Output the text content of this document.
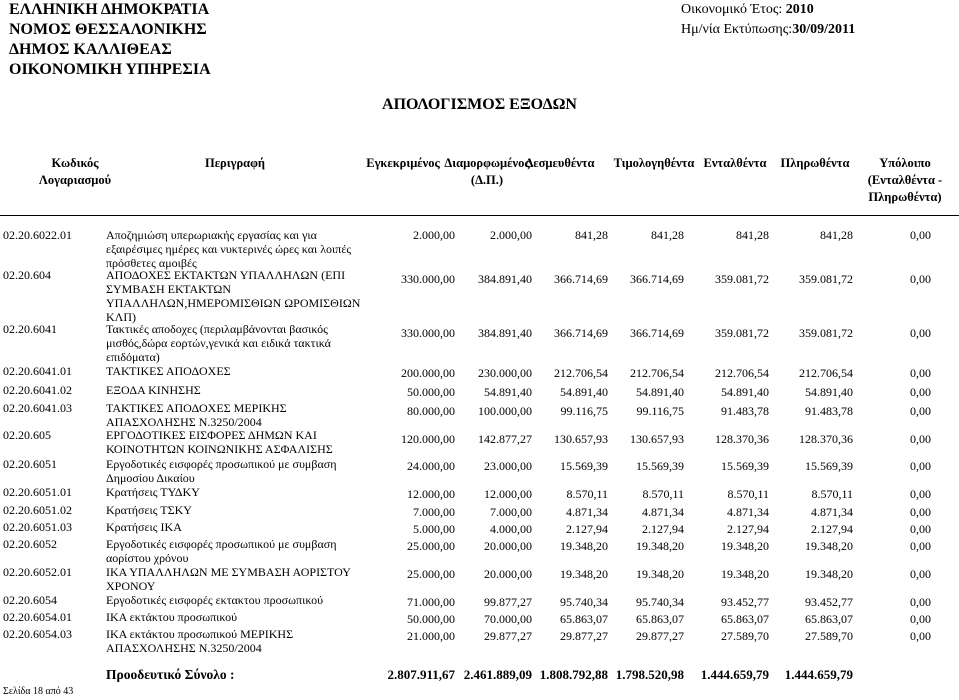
ΕΛΛΗΝΙΚΗ ΔΗΜΟΚΡΑΤΙΑ
ΝΟΜΟΣ ΘΕΣΣΑΛΟΝΙΚΗΣ
ΔΗΜΟΣ ΚΑΛΛΙΘΕΑΣ
ΟΙΚΟΝΟΜΙΚΗ ΥΠΗΡΕΣΙΑ
Οικονομικό Έτος: 2010
Ημ/νία Εκτύπωσης:30/09/2011
ΑΠΟΛΟΓΙΣΜΟΣ ΕΞΟΔΩΝ
Κωδικός
Λογαριασμού
Περιγραφή	Εγκεκριμένος Διαμορφωμένος
(Δ.Π.)
Δεσμευθέντα	Τιμολογηθέντα Ενταλθέντα	Πληρωθέντα	Υπόλοιπο
(Ενταλθέντα -
Πληρωθέντα)
02.20.6022.01	Αποζημιώση υπερωριακής εργασίας και για εξαιρέσιμες ημέρες και νυκτερινές ώρες και λοιπές πρόσθετες αμοιβές
2.000,00	2.000,00	841,28	841,28	841,28	841,28	0,00
02.20.604	ΑΠΟΔΟΧΕΣ ΕΚΤΑΚΤΩΝ ΥΠΑΛΛΗΛΩΝ (ΕΠΙ ΣΥΜΒΑΣΗ ΕΚΤΑΚΤΩΝ ΥΠΑΛΛΗΛΩΝ,ΗΜΕΡΟΜΙΣΘΙΩΝ ΩΡΟΜΙΣΘΙΩΝ ΚΛΠ)
330.000,00 384.891,40 366.714,69 366.714,69	359.081,72	359.081,72	0,00
02.20.6041	Τακτικές αποδοχες (περιλαμβάνονται βασικός μισθός,δώρα εορτών,γενικά και ειδικά τακτικά επιδόματα)
330.000,00 384.891,40 366.714,69 366.714,69	359.081,72	359.081,72	0,00
02.20.6041.01	ΤΑΚΤΙΚΕΣ ΑΠΟΔΟΧΕΣ	200.000,00 230.000,00 212.706,54 212.706,54	212.706,54	212.706,54	0,00
02.20.6041.02	ΕΞΟΔΑ ΚΙΝΗΣΗΣ	50.000,00 54.891,40 54.891,40 54.891,40	54.891,40	54.891,40	0,00
02.20.6041.03	ΤΑΚΤΙΚΕΣ ΑΠΟΔΟΧΕΣ ΜΕΡΙΚΗΣ ΑΠΑΣΧΟΛΗΣΗΣ Ν.3250/2004
80.000,00 100.000,00 99.116,75 99.116,75	91.483,78	91.483,78	0,00
02.20.605	ΕΡΓΟΔΟΤΙΚΕΣ ΕΙΣΦΟΡΕΣ ΔΗΜΩΝ ΚΑΙ ΚΟΙΝΟΤΗΤΩΝ ΚΟΙΝΩΝΙΚΗΣ ΑΣΦΑΛΙΣΗΣ
120.000,00 142.877,27 130.657,93 130.657,93	128.370,36	128.370,36	0,00
02.20.6051	Εργοδοτικές εισφορές προσωπικού με συμβαση Δημοσίου Δικαίου
24.000,00 23.000,00 15.569,39 15.569,39	15.569,39	15.569,39	0,00
02.20.6051.01	Κρατήσεις ΤΥΔΚΥ	12.000,00 12.000,00	8.570,11	8.570,11	8.570,11	8.570,11	0,00
02.20.6051.02	Κρατήσεις ΤΣΚΥ	7.000,00	7.000,00	4.871,34	4.871,34	4.871,34	4.871,34	0,00
02.20.6051.03	Κρατήσεις ΙΚΑ	5.000,00	4.000,00	2.127,94	2.127,94	2.127,94	2.127,94	0,00
02.20.6052	Εργοδοτικές εισφορές προσωπικού με συμβαση αορίστου χρόνου
25.000,00 20.000,00 19.348,20 19.348,20	19.348,20	19.348,20	0,00
02.20.6052.01	ΙΚΑ ΥΠΑΛΛΗΛΩΝ ΜΕ ΣΥΜΒΑΣΗ ΑΟΡΙΣΤΟΥ ΧΡΟΝΟΥ
25.000,00 20.000,00 19.348,20 19.348,20	19.348,20	19.348,20	0,00
02.20.6054	Εργοδοτικές εισφορές εκτακτου προσωπικού	71.000,00 99.877,27 95.740,34 95.740,34	93.452,77	93.452,77	0,00
02.20.6054.01	ΙΚΑ εκτάκτου προσωπικού	50.000,00 70.000,00 65.863,07 65.863,07	65.863,07	65.863,07	0,00
02.20.6054.03	ΙΚΑ εκτάκτου προσωπικού ΜΕΡΙΚΗΣ ΑΠΑΣΧΟΛΗΣΗΣ Ν.3250/2004
21.000,00 29.877,27 29.877,27 29.877,27	27.589,70	27.589,70	0,00
Προοδευτικό Σύνολο :	2.807.911,67 2.461.889,09 1.808.792,88 1.798.520,98 1.444.659,79 1.444.659,79
Σελίδα 18 από 43
